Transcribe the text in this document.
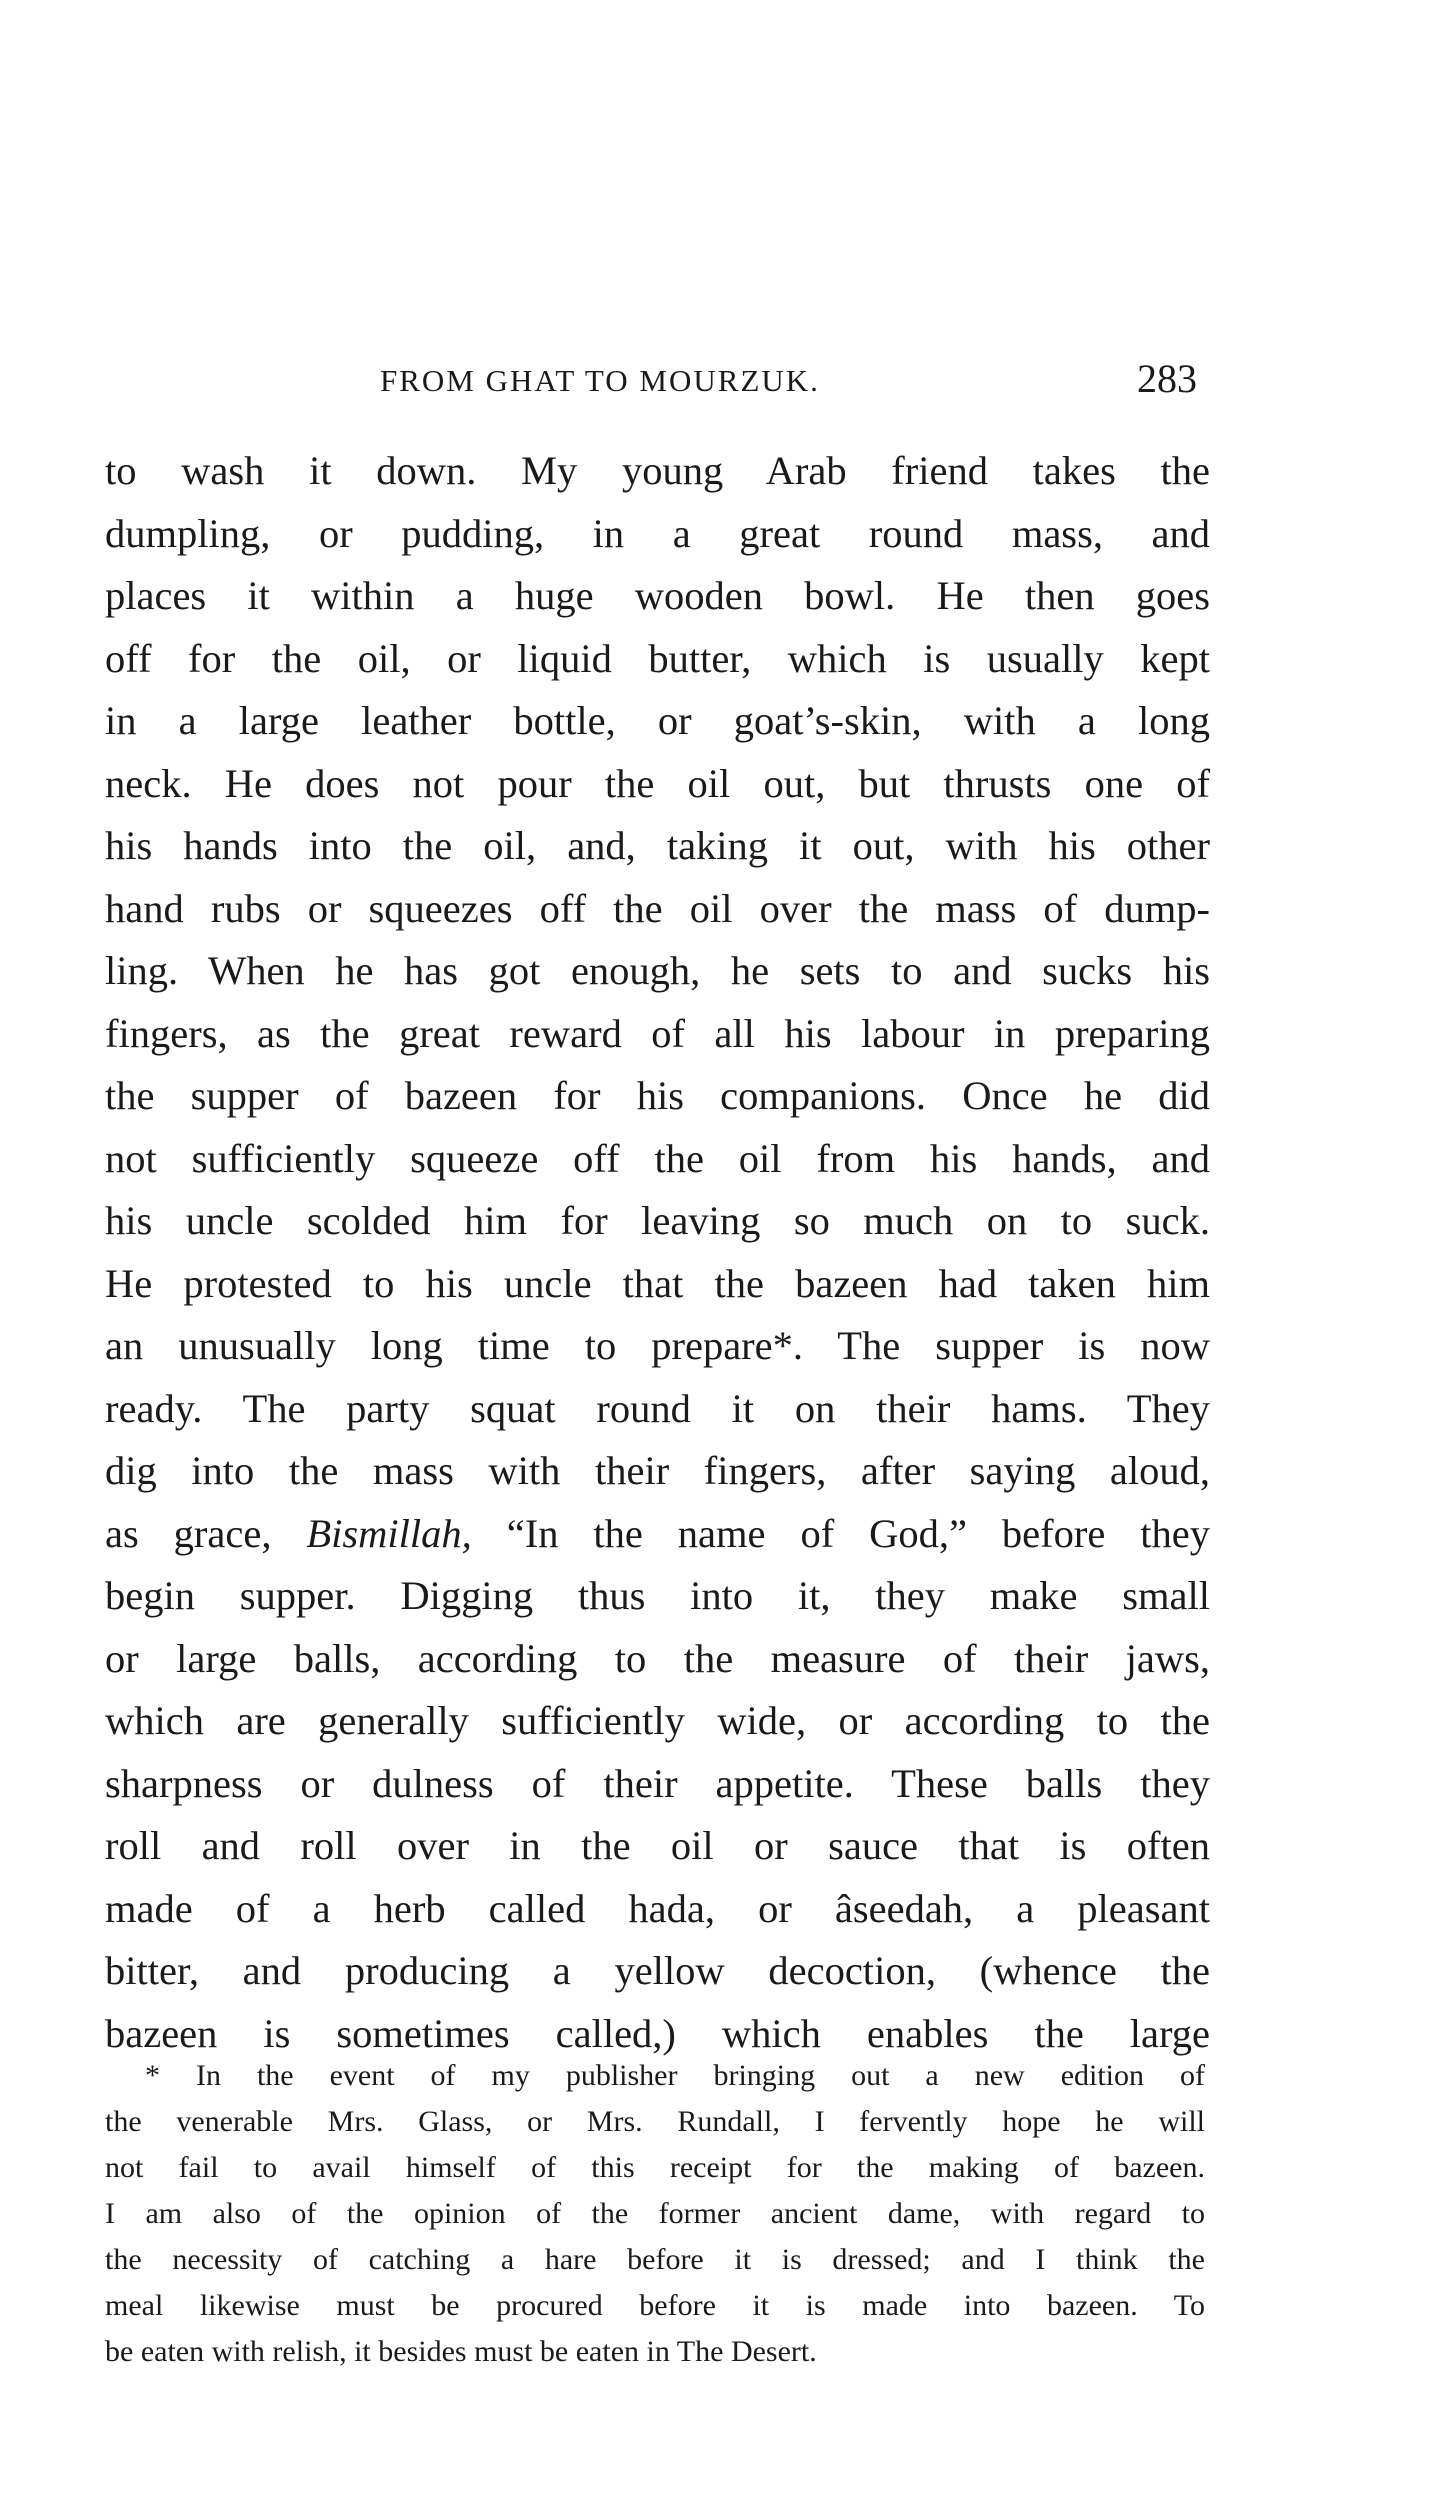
FROM GHAT TO MOURZUK.	283
to wash it down. My young Arab friend takes the
dumpling, or pudding, in a great round mass, and
places it within a huge wooden bowl. He then goes
off for the oil, or liquid butter, which is usually kept
in a large leather bottle, or goat’s-skin, with a long
neck. He does not pour the oil out, but thrusts one of
his hands into the oil, and, taking it out, with his other
hand rubs or squeezes off the oil over the mass of dump-
ling. When he has got enough, he sets to and sucks his
fingers, as the great reward of all his labour in preparing
the supper of bazeen for his companions. Once he did
not sufficiently squeeze off the oil from his hands, and
his uncle scolded him for leaving so much on to suck.
He protested to his uncle that the bazeen had taken him
an unusually long time to prepare*. The supper is now
ready. The party squat round it on their hams. They
dig into the mass with their fingers, after saying aloud,
as grace, Bismillah, “In the name of God,” before they
begin supper. Digging thus into it, they make small
or large balls, according to the measure of their jaws,
which are generally sufficiently wide, or according to the
sharpness or dulness of their appetite. These balls they
roll and roll over in the oil or sauce that is often
made of a herb called hada, or âseedah, a pleasant
bitter, and producing a yellow decoction, (whence the
bazeen is sometimes called,) which enables the large
* In the event of my publisher bringing out a new edition of
the venerable Mrs. Glass, or Mrs. Rundall, I fervently hope he will
not fail to avail himself of this receipt for the making of bazeen.
I am also of the opinion of the former ancient dame, with regard to
the necessity of catching a hare before it is dressed; and I think the
meal likewise must be procured before it is made into bazeen. To
be eaten with relish, it besides must be eaten in The Desert.
